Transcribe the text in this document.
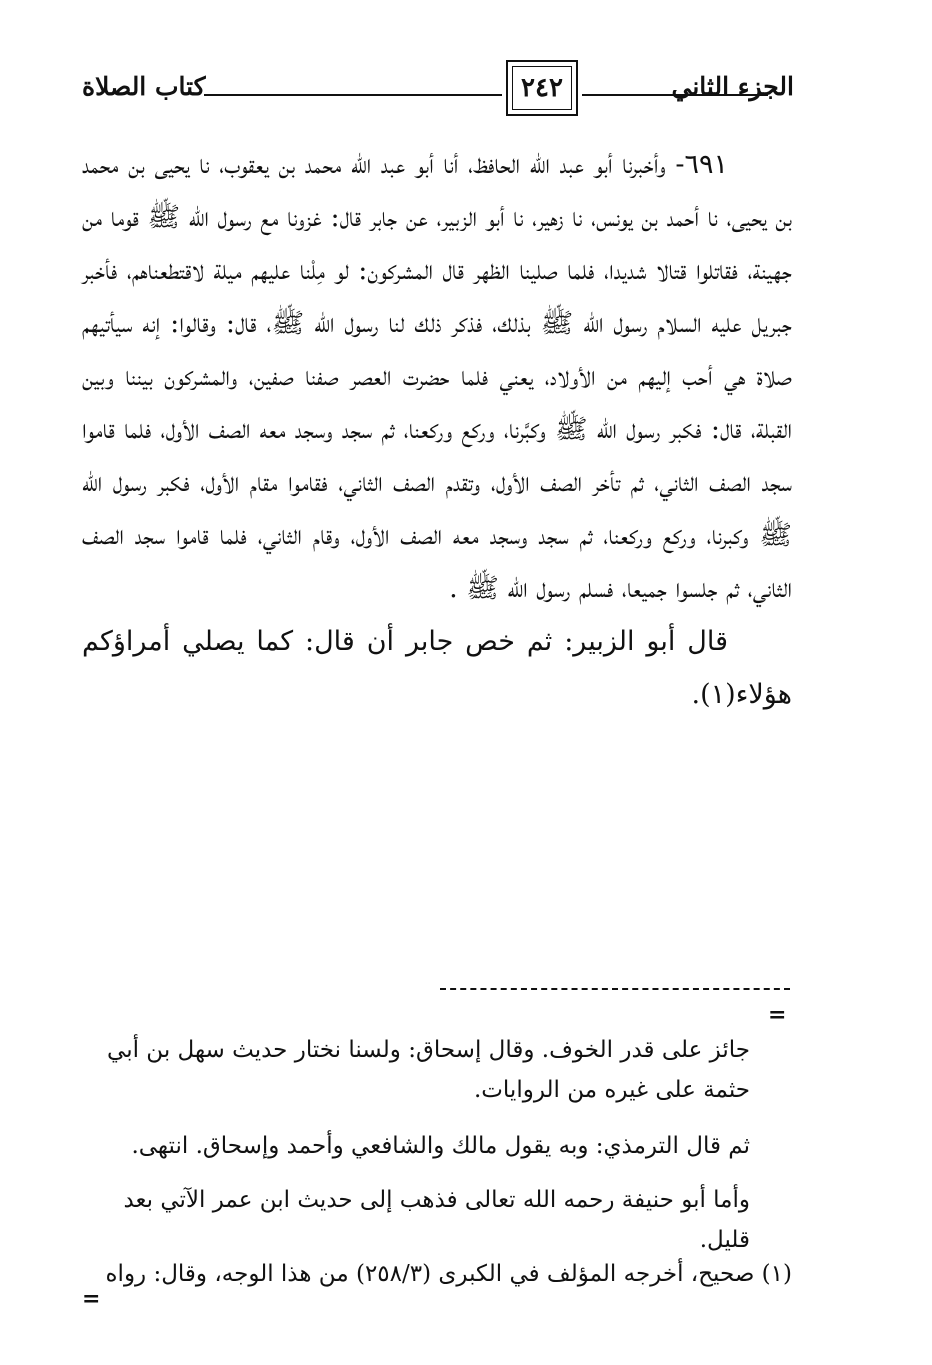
الجزء الثاني
٢٤٢
كتاب الصلاة

٦٩١- وأخبرنا أبو عبد الله الحافظ، أنا أبو عبد الله محمد بن يعقوب، نا يحيى بن محمد بن يحيى، نا أحمد بن يونس، نا زهير، نا أبو الزبير، عن جابر قال: غزونا مع رسول الله ﷺ قوما من جهينة، فقاتلوا قتالا شديدا، فلما صلينا الظهر قال المشركون: لو مِلْنا عليهم ميلة لاقتطعناهم، فأخبر جبريل عليه السلام رسول الله ﷺ بذلك، فذكر ذلك لنا رسول الله ﷺ، قال: وقالوا: إنه سيأتيهم صلاة هي أحب إليهم من الأولاد، يعني فلما حضرت العصر صفنا صفين، والمشركون بيننا وبين القبلة، قال: فكبر رسول الله ﷺ وكبَّرنا، وركع وركعنا، ثم سجد وسجد معه الصف الأول، فلما قاموا سجد الصف الثاني، ثم تأخر الصف الأول، وتقدم الصف الثاني، فقاموا مقام الأول، فكبر رسول الله ﷺ وكبرنا، وركع وركعنا، ثم سجد وسجد معه الصف الأول، وقام الثاني، فلما قاموا سجد الصف الثاني، ثم جلسوا جميعا، فسلم رسول الله ﷺ .

قال أبو الزبير: ثم خص جابر أن قال: كما يصلي أمراؤكم هؤلاء(١).

=

جائز على قدر الخوف. وقال إسحاق: ولسنا نختار حديث سهل بن أبي حثمة على غيره من الروايات.

ثم قال الترمذي: وبه يقول مالك والشافعي وأحمد وإسحاق. انتهى.

وأما أبو حنيفة رحمه الله تعالى فذهب إلى حديث ابن عمر الآتي بعد قليل.

(١) صحيح، أخرجه المؤلف في الكبرى (٢٥٨/٣) من هذا الوجه، وقال: رواه
=
